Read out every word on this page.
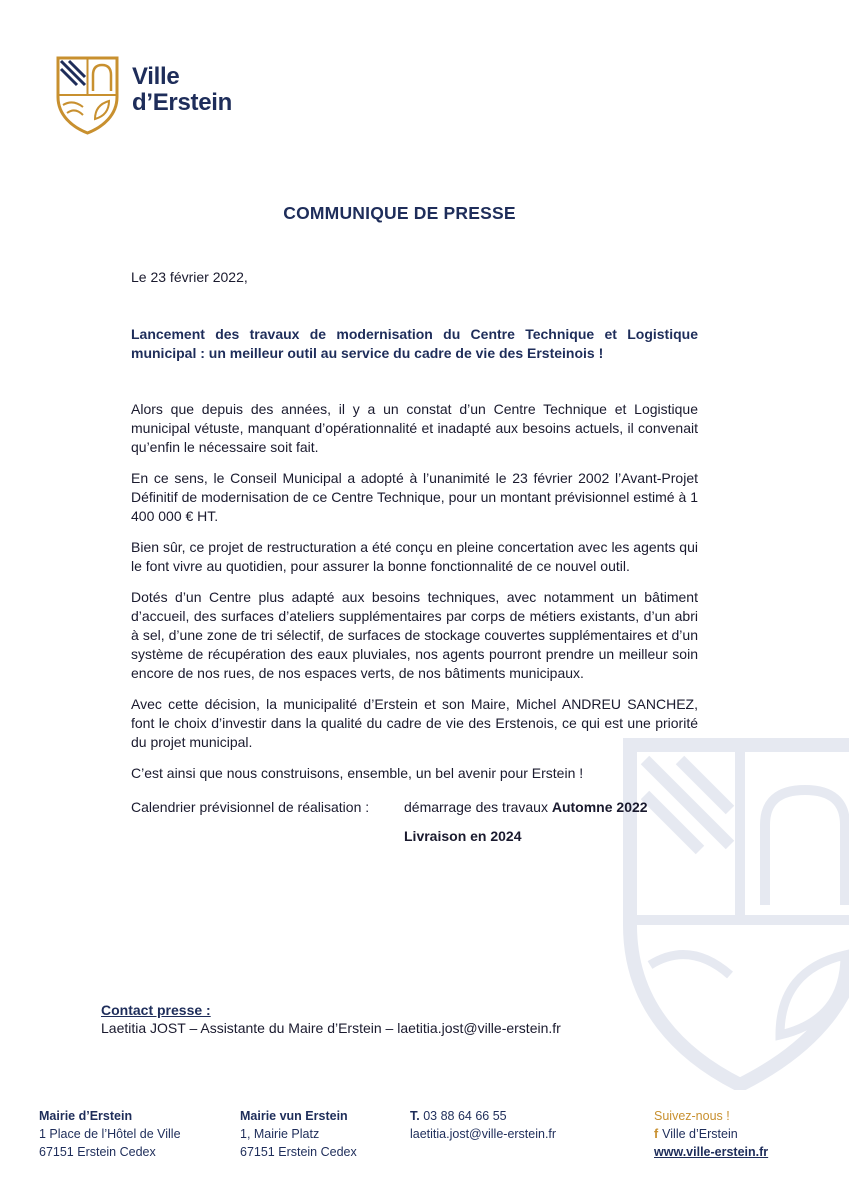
Ville
d’Erstein
COMMUNIQUE DE PRESSE
Le 23 février 2022,
Lancement des travaux de modernisation du Centre Technique et Logistique municipal : un meilleur outil au service du cadre de vie des Ersteinois !

Alors que depuis des années, il y a un constat d’un Centre Technique et Logistique municipal vétuste, manquant d’opérationnalité et inadapté aux besoins actuels, il convenait qu’enfin le nécessaire soit fait.

En ce sens, le Conseil Municipal a adopté à l’unanimité le 23 février 2002 l’Avant-Projet Définitif de modernisation de ce Centre Technique, pour un montant prévisionnel estimé à 1 400 000 € HT.

Bien sûr, ce projet de restructuration a été conçu en pleine concertation avec les agents qui le font vivre au quotidien, pour assurer la bonne fonctionnalité de ce nouvel outil.

Dotés d’un Centre plus adapté aux besoins techniques, avec notamment un bâtiment d’accueil, des surfaces d’ateliers supplémentaires par corps de métiers existants, d’un abri à sel, d’une zone de tri sélectif, de surfaces de stockage couvertes supplémentaires et d’un système de récupération des eaux pluviales, nos agents pourront prendre un meilleur soin encore de nos rues, de nos espaces verts, de nos bâtiments municipaux.

Avec cette décision, la municipalité d’Erstein et son Maire, Michel ANDREU SANCHEZ, font le choix d’investir dans la qualité du cadre de vie des Erstenois, ce qui est une priorité du projet municipal.

C’est ainsi que nous construisons, ensemble, un bel avenir pour Erstein !

Calendrier prévisionnel de réalisation : démarrage des travaux Automne 2022
Livraison en 2024
Contact presse :
Laetitia JOST – Assistante du Maire d’Erstein – laetitia.jost@ville-erstein.fr
Mairie d’Erstein
1 Place de l’Hôtel de Ville
67151 Erstein Cedex
Mairie vun Erstein
1, Mairie Platz
67151 Erstein Cedex
T. 03 88 64 66 55
laetitia.jost@ville-erstein.fr
Suivez-nous !
f Ville d’Erstein
www.ville-erstein.fr
